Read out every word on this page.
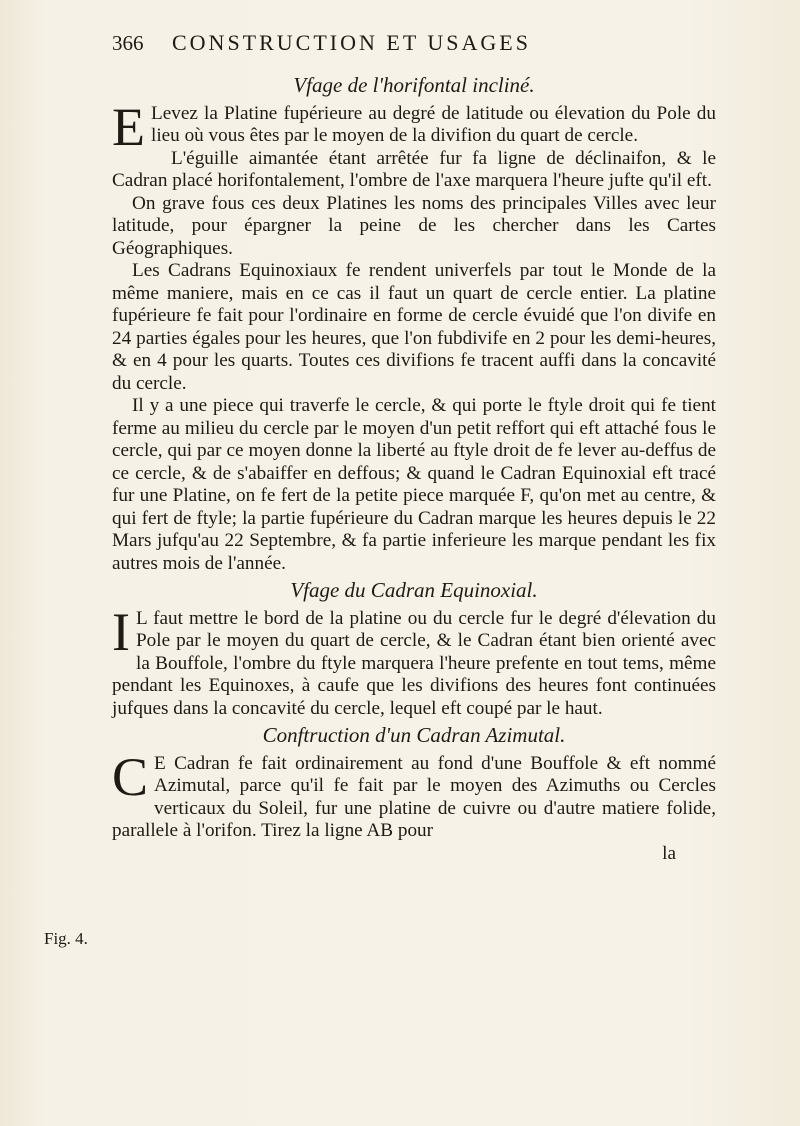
366	CONSTRUCTION ET USAGES
Vfage de l'horifontal incliné.

E Levez la Platine fupérieure au degré de latitude ou élevation du Pole du lieu où vous êtes par le moyen de la divifion du quart de cercle.

L'éguille aimantée étant arrêtée fur fa ligne de déclinaifon, & le Cadran placé horifontalement, l'ombre de l'axe marquera l'heure jufte qu'il eft.

On grave fous ces deux Platines les noms des principales Villes avec leur latitude, pour épargner la peine de les chercher dans les Cartes Géographiques.

Les Cadrans Equinoxiaux fe rendent univerfels par tout le Monde de la même maniere, mais en ce cas il faut un quart de cercle entier. La platine fupérieure fe fait pour l'ordinaire en forme de cercle évuidé que l'on divife en 24 parties égales pour les heures, que l'on fubdivife en 2 pour les demi-heures, & en 4 pour les quarts. Toutes ces divifions fe tracent auffi dans la concavité du cercle.

Il y a une piece qui traverfe le cercle, & qui porte le ftyle droit qui fe tient ferme au milieu du cercle par le moyen d'un petit reffort qui eft attaché fous le cercle, qui par ce moyen donne la liberté au ftyle droit de fe lever au-deffus de ce cercle, & de s'abaiffer en deffous; & quand le Cadran Equinoxial eft tracé fur une Platine, on fe fert de la petite piece marquée F, qu'on met au centre, & qui fert de ftyle; la partie fupérieure du Cadran marque les heures depuis le 22 Mars jufqu'au 22 Septembre, & fa partie inferieure les marque pendant les fix autres mois de l'année.

Vfage du Cadran Equinoxial.

I L faut mettre le bord de la platine ou du cercle fur le degré d'élevation du Pole par le moyen du quart de cercle, & le Cadran étant bien orienté avec la Bouffole, l'ombre du ftyle marquera l'heure prefente en tout tems, même pendant les Equinoxes, à caufe que les divifions des heures font continuées jufques dans la concavité du cercle, lequel eft coupé par le haut.

Conftruction d'un Cadran Azimutal.

C E Cadran fe fait ordinairement au fond d'une Bouffole & eft nommé Azimutal, parce qu'il fe fait par le moyen des Azimuths ou Cercles verticaux du Soleil, fur une platine de cuivre ou d'autre matiere folide, parallele à l'orifon. Tirez la ligne AB pour

la

Fig. 4.
